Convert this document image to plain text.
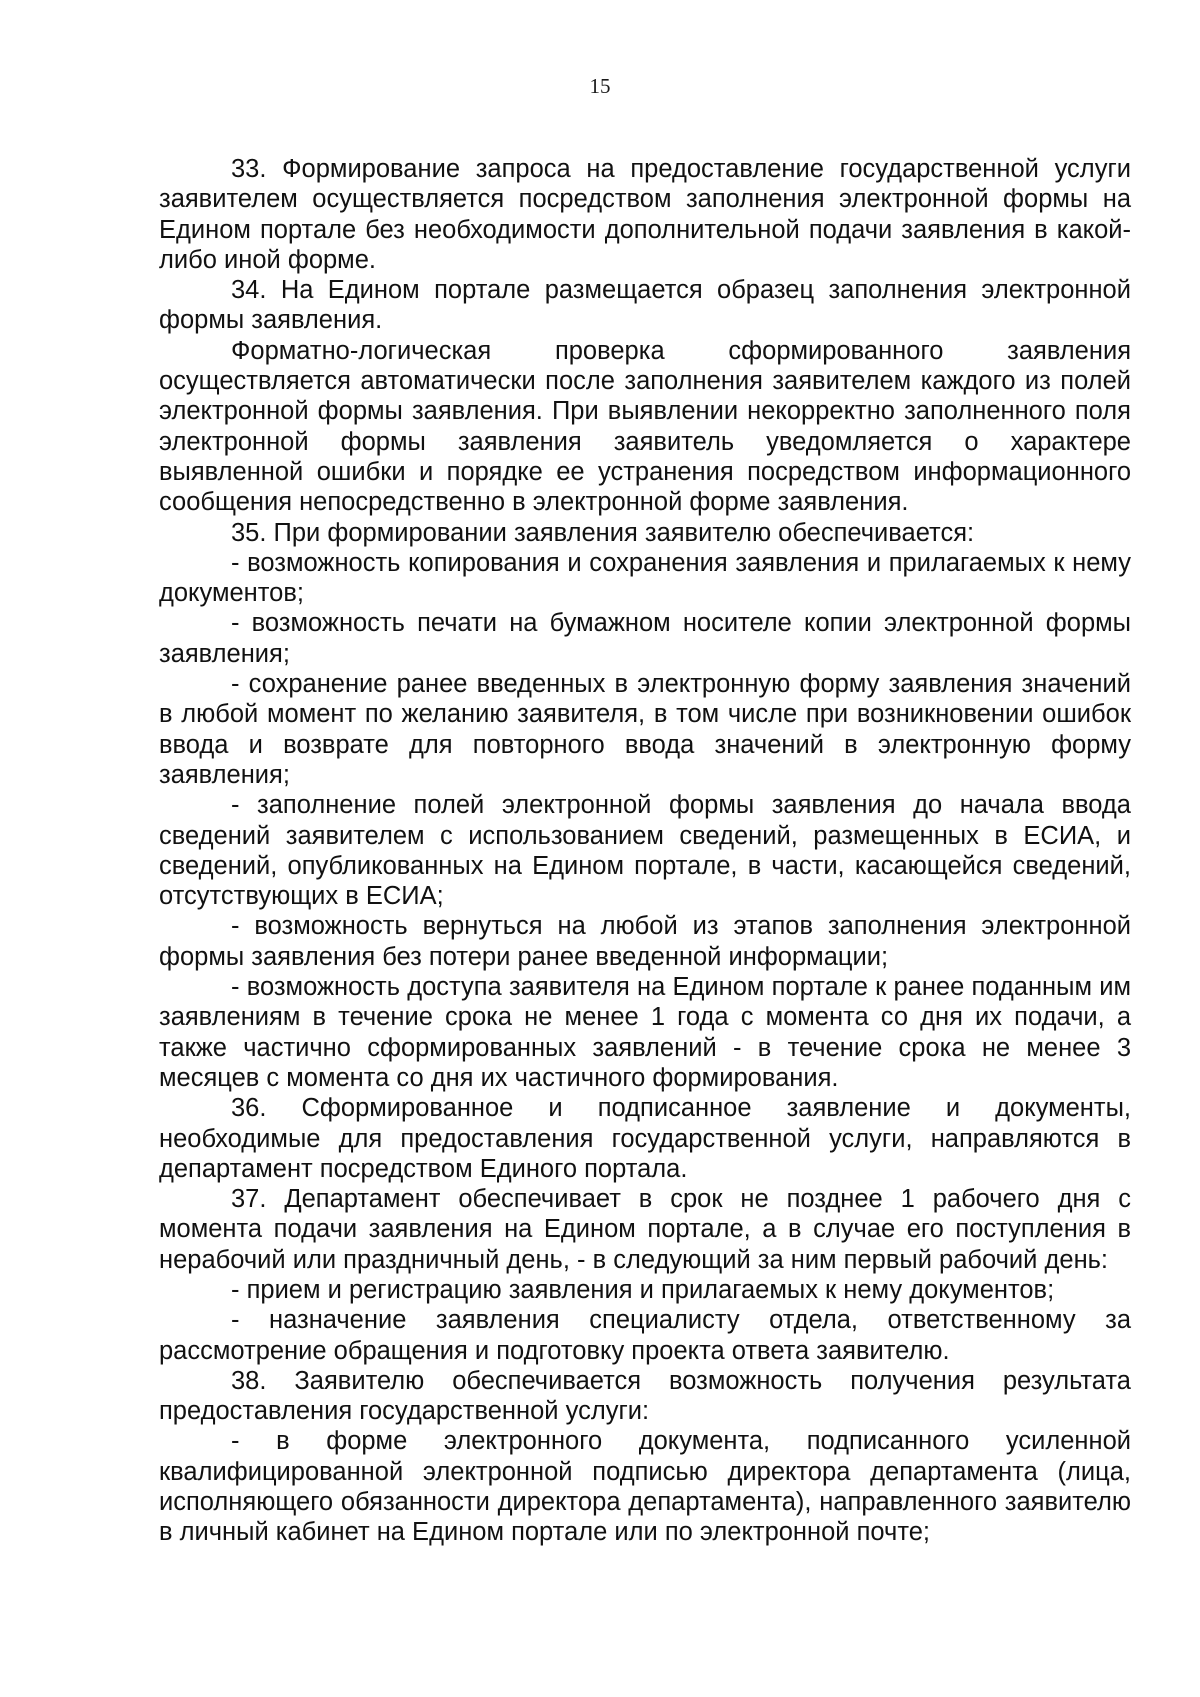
15

33. Формирование запроса на предоставление государственной услуги заявителем осуществляется посредством заполнения электронной формы на Едином портале без необходимости дополнительной подачи заявления в какой-либо иной форме.

34. На Едином портале размещается образец заполнения электронной формы заявления.

Форматно-логическая проверка сформированного заявления осуществляется автоматически после заполнения заявителем каждого из полей электронной формы заявления. При выявлении некорректно заполненного поля электронной формы заявления заявитель уведомляется о характере выявленной ошибки и порядке ее устранения посредством информационного сообщения непосредственно в электронной форме заявления.

35. При формировании заявления заявителю обеспечивается:

- возможность копирования и сохранения заявления и прилагаемых к нему документов;

- возможность печати на бумажном носителе копии электронной формы заявления;

- сохранение ранее введенных в электронную форму заявления значений в любой момент по желанию заявителя, в том числе при возникновении ошибок ввода и возврате для повторного ввода значений в электронную форму заявления;

- заполнение полей электронной формы заявления до начала ввода сведений заявителем с использованием сведений, размещенных в ЕСИА, и сведений, опубликованных на Едином портале, в части, касающейся сведений, отсутствующих в ЕСИА;

- возможность вернуться на любой из этапов заполнения электронной формы заявления без потери ранее введенной информации;

- возможность доступа заявителя на Едином портале к ранее поданным им заявлениям в течение срока не менее 1 года с момента со дня их подачи, а также частично сформированных заявлений - в течение срока не менее 3 месяцев с момента со дня их частичного формирования.

36. Сформированное и подписанное заявление и документы, необходимые для предоставления государственной услуги, направляются в департамент посредством Единого портала.

37. Департамент обеспечивает в срок не позднее 1 рабочего дня с момента подачи заявления на Едином портале, а в случае его поступления в нерабочий или праздничный день, - в следующий за ним первый рабочий день:

- прием и регистрацию заявления и прилагаемых к нему документов;

- назначение заявления специалисту отдела, ответственному за рассмотрение обращения и подготовку проекта ответа заявителю.

38. Заявителю обеспечивается возможность получения результата предоставления государственной услуги:

- в форме электронного документа, подписанного усиленной квалифицированной электронной подписью директора департамента (лица, исполняющего обязанности директора департамента), направленного заявителю в личный кабинет на Едином портале или по электронной почте;
